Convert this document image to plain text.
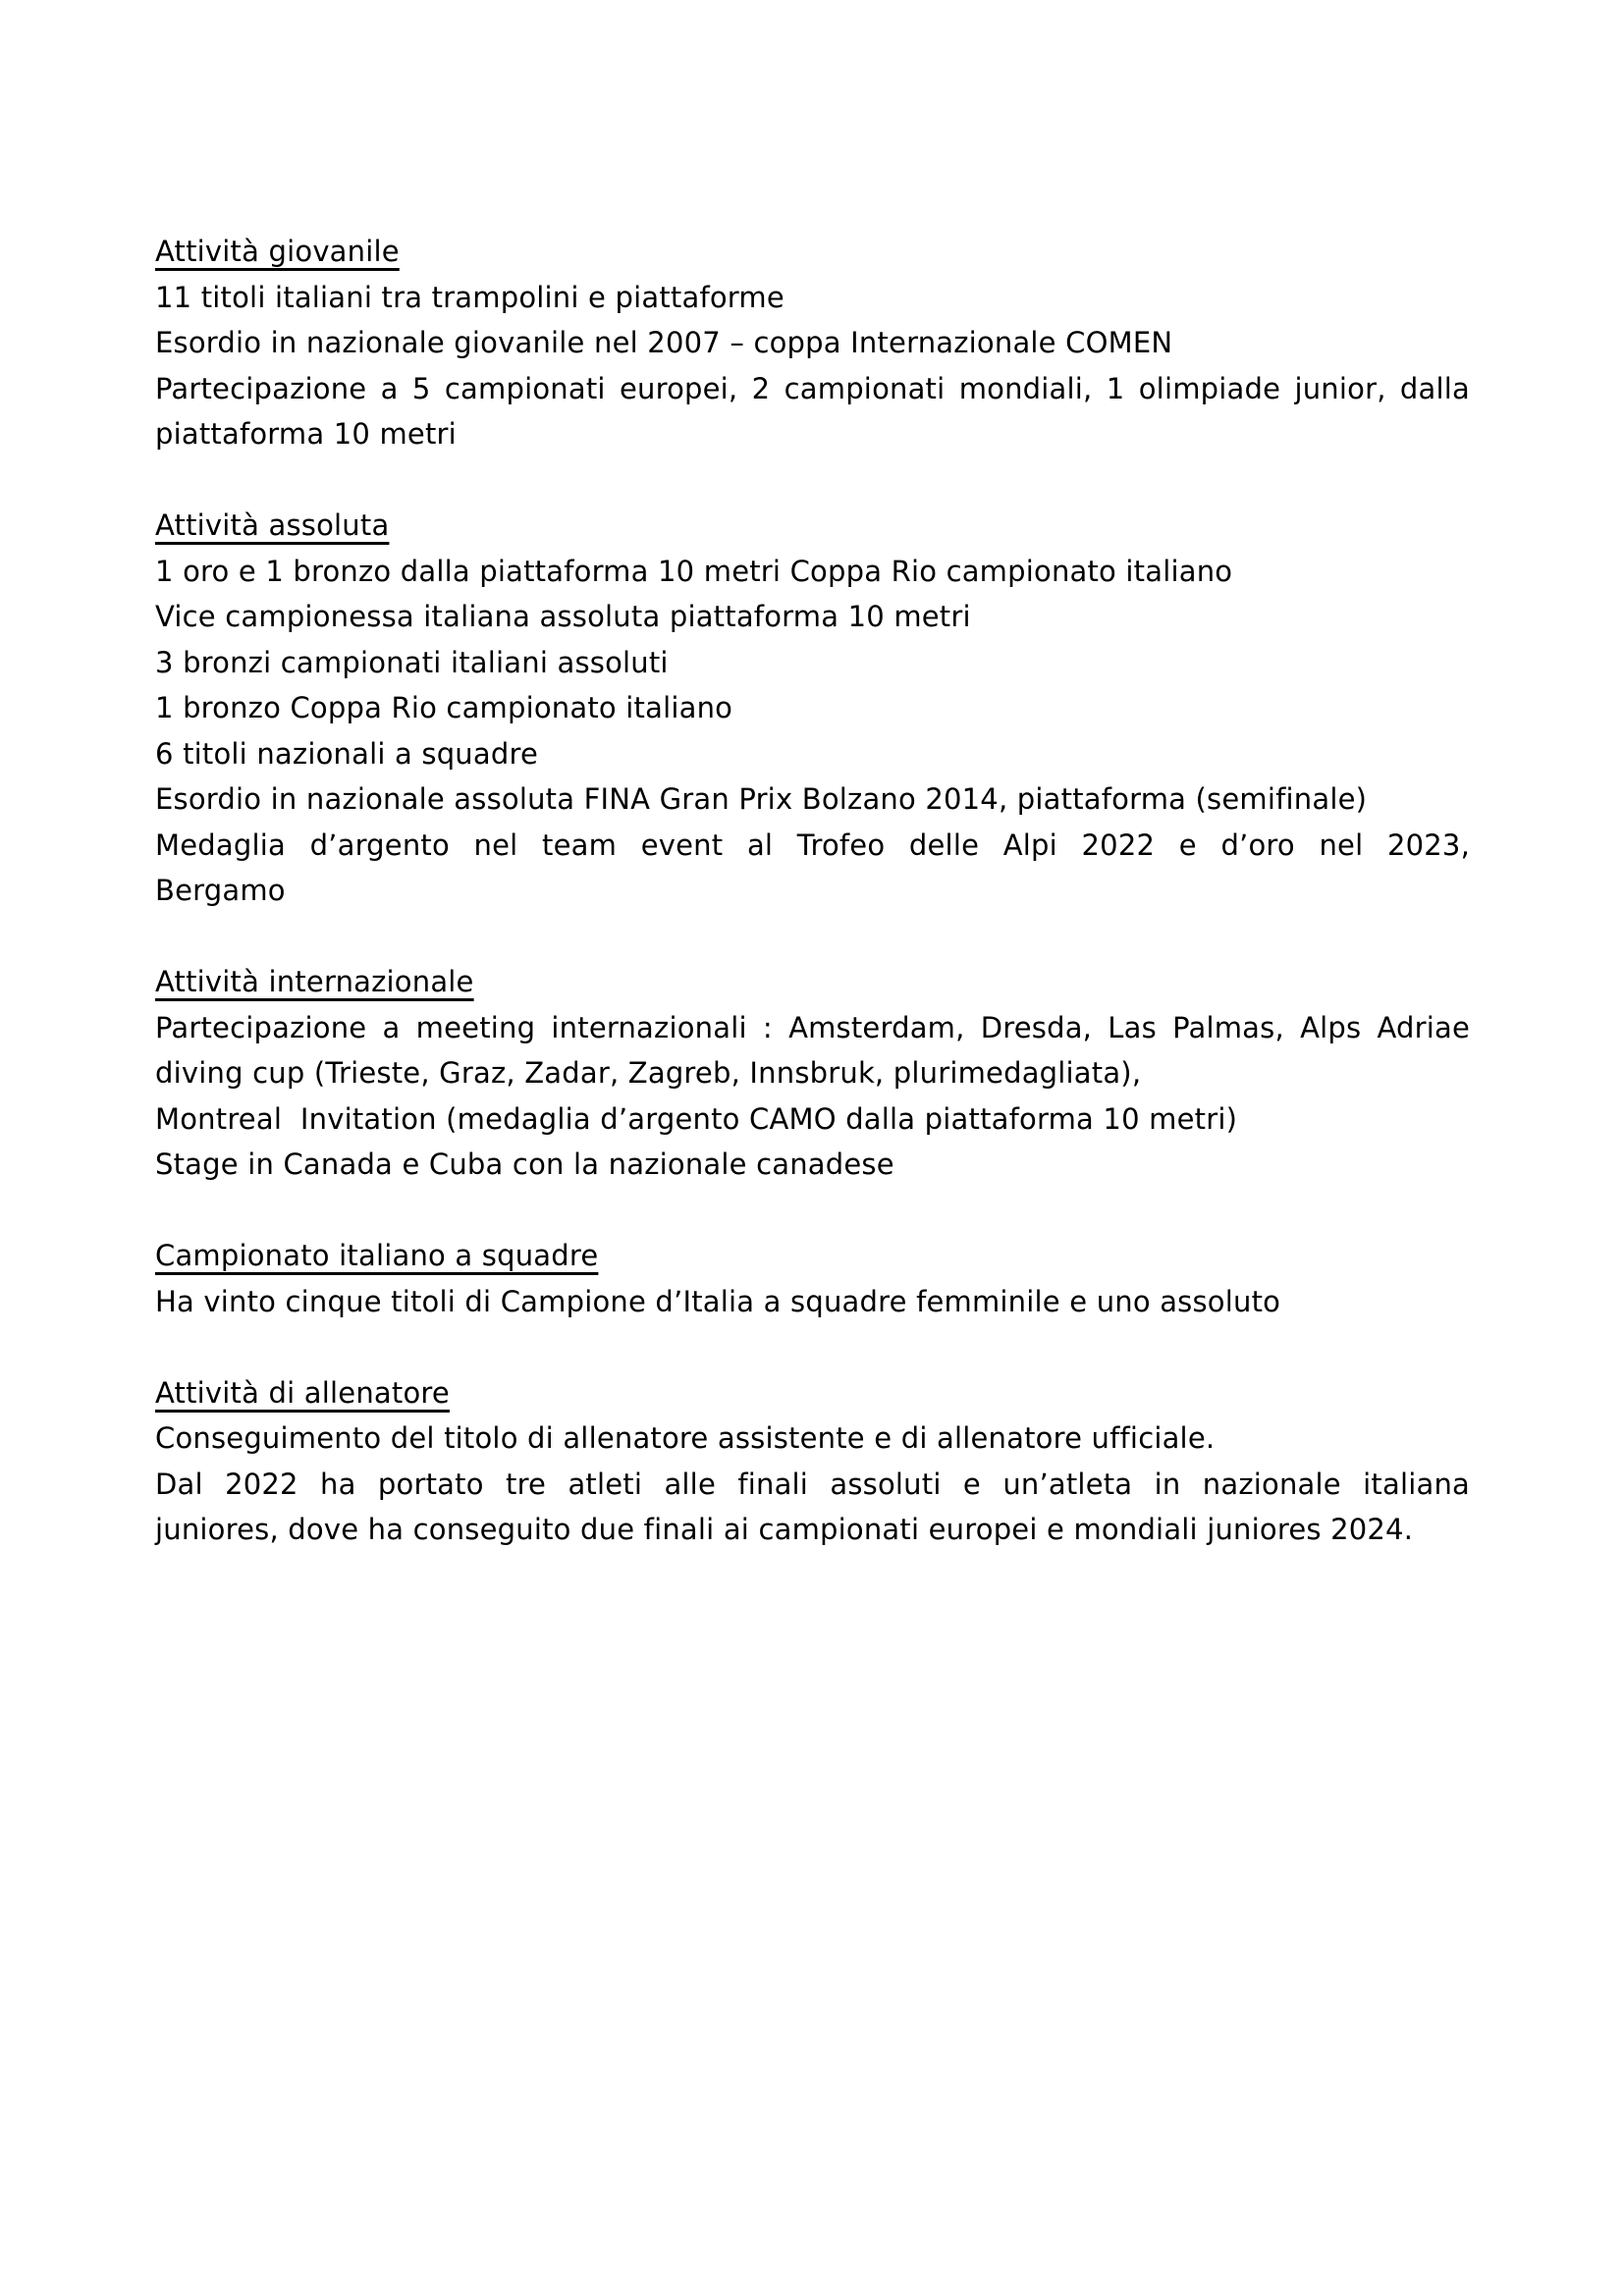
Attività giovanile
11 titoli italiani tra trampolini e piattaforme
Esordio in nazionale giovanile nel 2007 – coppa Internazionale COMEN
Partecipazione a 5 campionati europei, 2 campionati mondiali, 1 olimpiade junior, dalla
piattaforma 10 metri
Attività assoluta
1 oro e 1 bronzo dalla piattaforma 10 metri Coppa Rio campionato italiano
Vice campionessa italiana assoluta piattaforma 10 metri
3 bronzi campionati italiani assoluti
1 bronzo Coppa Rio campionato italiano
6 titoli nazionali a squadre
Esordio in nazionale assoluta FINA Gran Prix Bolzano 2014, piattaforma (semifinale)
Medaglia d’argento nel team event al Trofeo delle Alpi 2022 e d’oro nel 2023,
Bergamo
Attività internazionale
Partecipazione a meeting internazionali : Amsterdam, Dresda, Las Palmas, Alps Adriae
diving cup (Trieste, Graz, Zadar, Zagreb, Innsbruk, plurimedagliata),
Montreal  Invitation (medaglia d’argento CAMO dalla piattaforma 10 metri)
Stage in Canada e Cuba con la nazionale canadese
Campionato italiano a squadre
Ha vinto cinque titoli di Campione d’Italia a squadre femminile e uno assoluto
Attività di allenatore
Conseguimento del titolo di allenatore assistente e di allenatore ufficiale.
Dal 2022 ha portato tre atleti alle finali assoluti e un’atleta in nazionale italiana
juniores, dove ha conseguito due finali ai campionati europei e mondiali juniores 2024.
